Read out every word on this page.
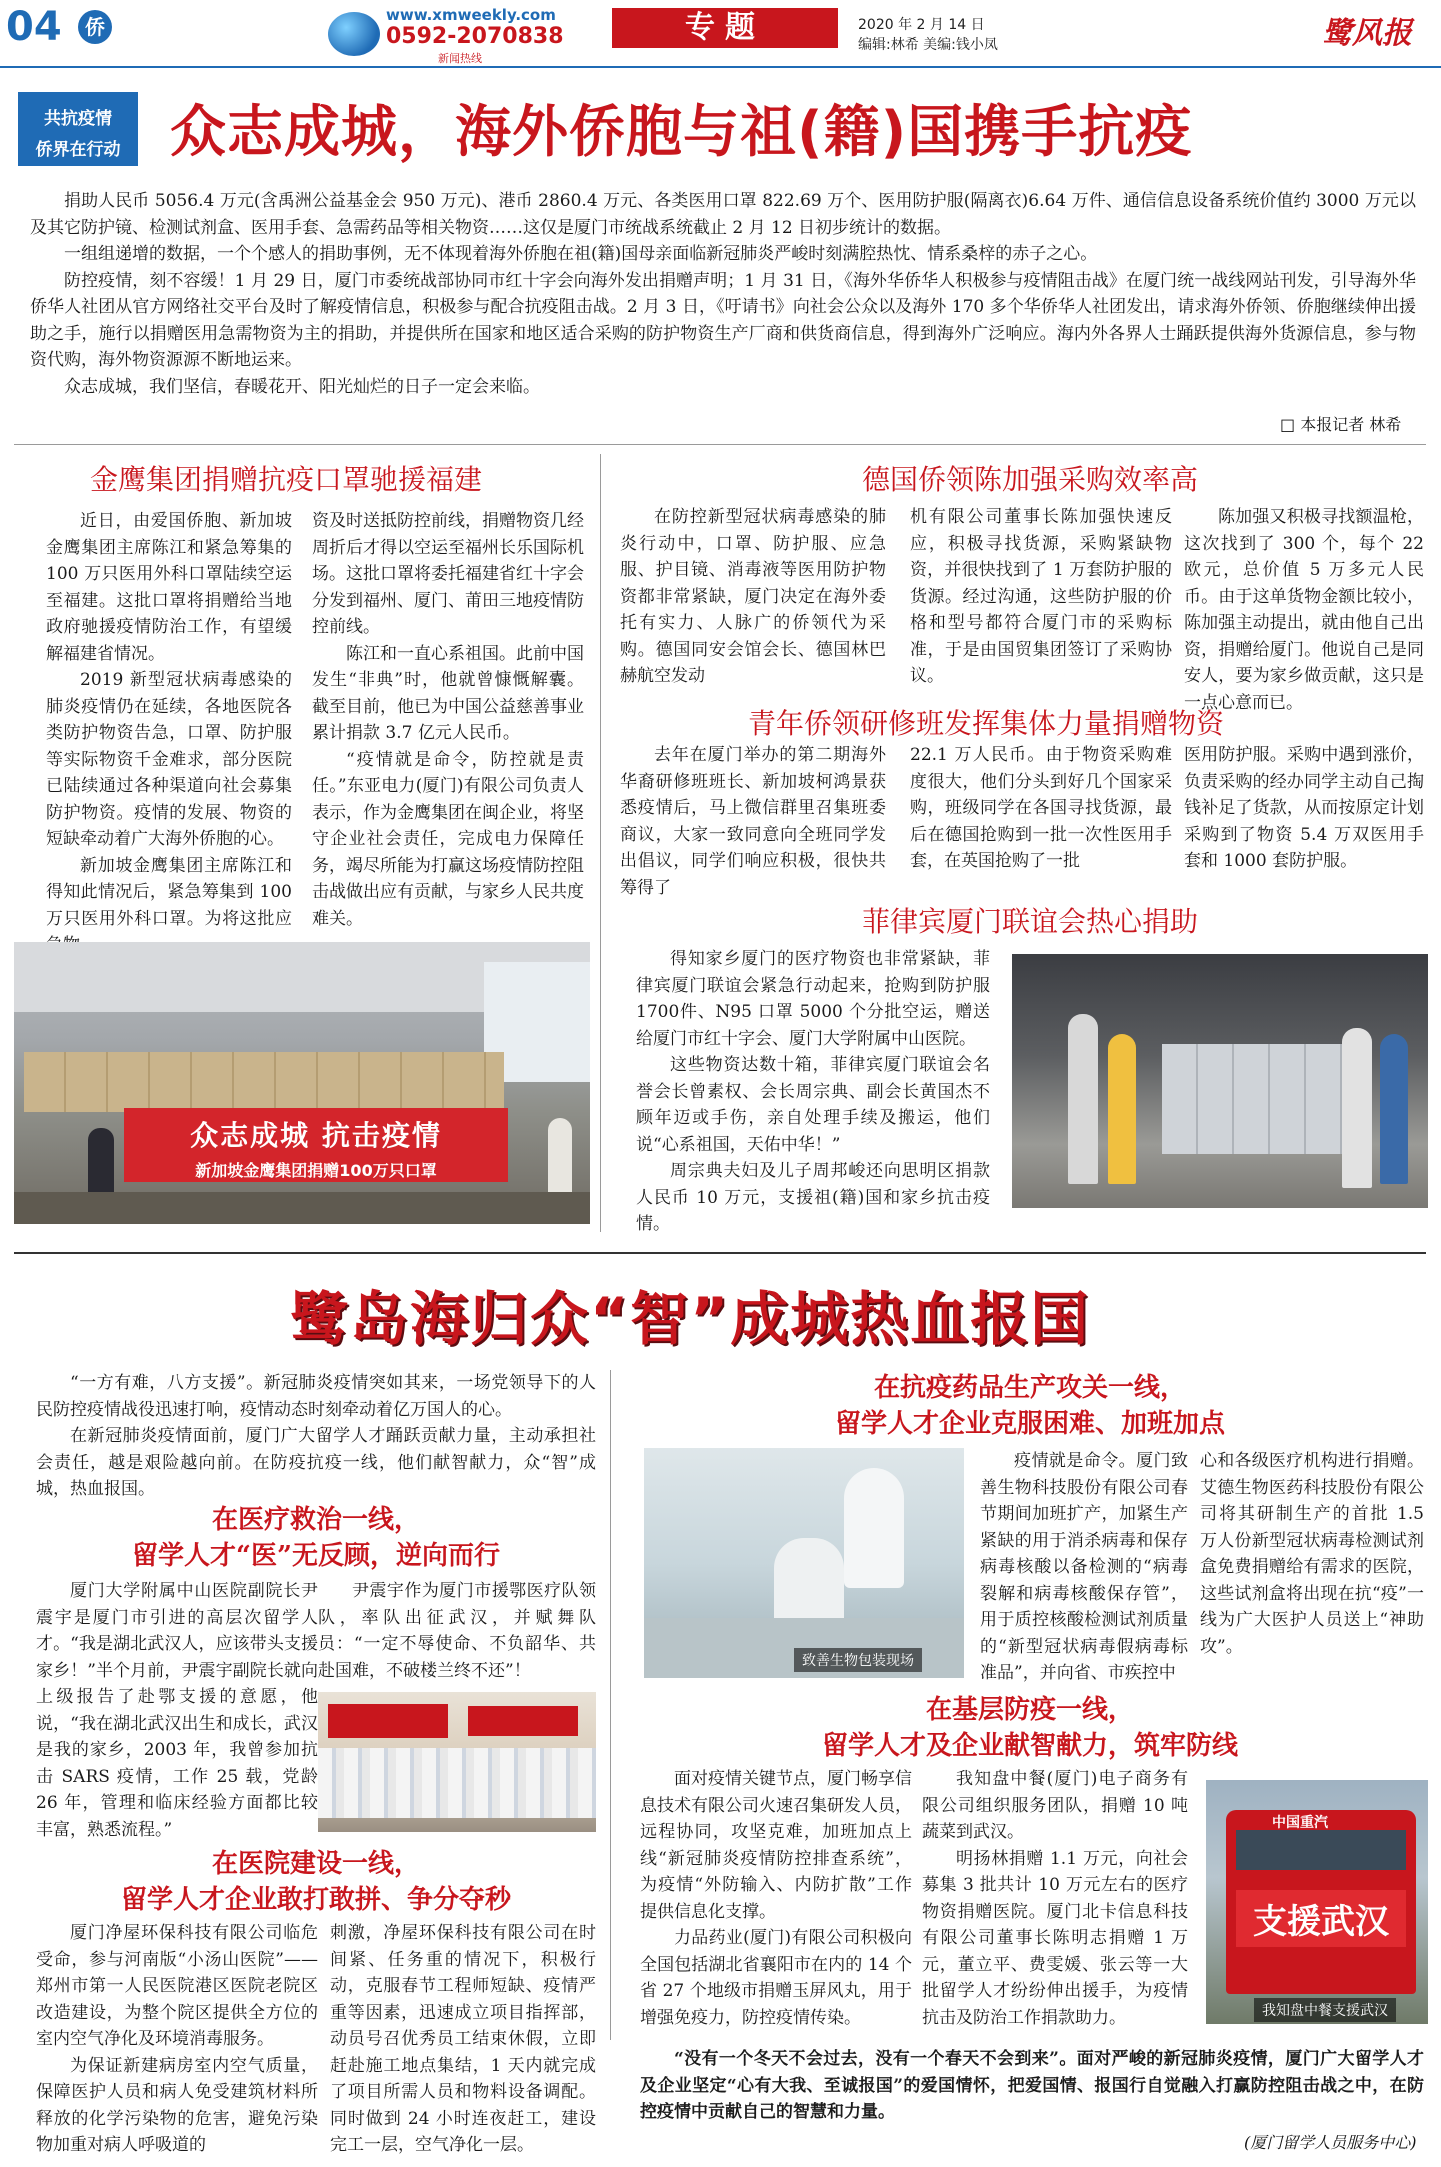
04	侨	www.xmweekly.com
0592-2070838
新闻热线
专题	2020 年 2 月 14 日
编辑:林希 美编:钱小凤	鹭风报
共抗疫情
侨界在行动 众志成城，海外侨胞与祖(籍)国携手抗疫

捐助人民币 5056.4 万元(含禹洲公益基金会 950 万元)、港币 2860.4 万元、各类医用口罩 822.69 万个、医用防护服(隔离衣)6.64 万件、通信信息设备系统价值约 3000 万元以及其它防护镜、检测试剂盒、医用手套、急需药品等相关物资……这仅是厦门市统战系统截止 2 月 12 日初步统计的数据。

一组组递增的数据，一个个感人的捐助事例，无不体现着海外侨胞在祖(籍)国母亲面临新冠肺炎严峻时刻满腔热忱、情系桑梓的赤子之心。

防控疫情，刻不容缓！1 月 29 日，厦门市委统战部协同市红十字会向海外发出捐赠声明；1 月 31 日，《海外华侨华人积极参与疫情阻击战》在厦门统一战线网站刊发，引导海外华侨华人社团从官方网络社交平台及时了解疫情信息，积极参与配合抗疫阻击战。2 月 3 日，《吁请书》向社会公众以及海外 170 多个华侨华人社团发出，请求海外侨领、侨胞继续伸出援助之手，施行以捐赠医用急需物资为主的捐助，并提供所在国家和地区适合采购的防护物资生产厂商和供货商信息，得到海外广泛响应。海内外各界人士踊跃提供海外货源信息，参与物资代购，海外物资源源不断地运来。

众志成城，我们坚信，春暖花开、阳光灿烂的日子一定会来临。

□ 本报记者 林希
金鹰集团捐赠抗疫口罩驰援福建

近日，由爱国侨胞、新加坡金鹰集团主席陈江和紧急筹集的 100 万只医用外科口罩陆续空运至福建。这批口罩将捐赠给当地政府驰援疫情防治工作，有望缓解福建省情况。

2019 新型冠状病毒感染的肺炎疫情仍在延续，各地医院各类防护物资告急，口罩、防护服等实际物资千金难求，部分医院已陆续通过各种渠道向社会募集防护物资。疫情的发展、物资的短缺牵动着广大海外侨胞的心。

新加坡金鹰集团主席陈江和得知此情况后，紧急筹集到 100 万只医用外科口罩。为将这批应

资及时送抵防控前线，捐赠物资几经周折后才得以空运至福州长乐国际机场。这批口罩将委托福建省红十字会分发到福州、厦门、莆田三地疫情防控前线。

陈江和一直心系祖国。此前中国发生“非典”时，他就曾慷慨解囊。截至目前，他已为中国公益慈善事业累计捐款 3.7 亿元人民币。

“疫情就是命令，防控就是责任。”东亚电力(厦门)有限公司负责人表示，作为金鹰集团在闽企业，将坚守企业社会责任，完成电力保障任务，竭尽所能为打赢这场疫情防控阻击战做出应有贡献，与家乡人民共度难关。

众志成城 抗击疫情
新加坡金鹰集团捐赠100万只口罩
德国侨领陈加强采购效率高

在防控新型冠状病毒感染的肺炎行动中，口罩、防护服、应急服、护目镜、消毒液等医用防护物资都非常紧缺，厦门决定在海外委托有实力、人脉广的侨领代为采购。德国同安会馆会长、德国林巴赫航空发动

机有限公司董事长陈加强快速反应，积极寻找货源，采购紧缺物资，并很快找到了 1 万套防护服的货源。经过沟通，这些防护服的价格和型号都符合厦门市的采购标准，于是由国贸集团签订了采购协议。

陈加强又积极寻找额温枪，这次找到了 300 个，每个 22 欧元，总价值 5 万多元人民币。由于这单货物金额比较小，陈加强主动提出，就由他自己出资，捐赠给厦门。他说自己是同安人，要为家乡做贡献，这只是一点心意而已。

青年侨领研修班发挥集体力量捐赠物资

去年在厦门举办的第二期海外华裔研修班班长、新加坡柯鸿景获悉疫情后，马上微信群里召集班委商议，大家一致同意向全班同学发出倡议，同学们响应积极，很快共筹得了

22.1 万人民币。由于物资采购难度很大，他们分头到好几个国家采购，班级同学在各国寻找货源，最后在德国抢购到一批一次性医用手套，在英国抢购了一批

医用防护服。采购中遇到涨价，负责采购的经办同学主动自己掏钱补足了货款，从而按原定计划采购到了物资 5.4 万双医用手套和 1000 套防护服。

菲律宾厦门联谊会热心捐助

得知家乡厦门的医疗物资也非常紧缺，菲律宾厦门联谊会紧急行动起来，抢购到防护服 1700件、N95 口罩 5000 个分批空运，赠送给厦门市红十字会、厦门大学附属中山医院。

这些物资达数十箱，菲律宾厦门联谊会名誉会长曾素权、会长周宗典、副会长黄国杰不顾年迈或手伤，亲自处理手续及搬运，他们说“心系祖国，天佑中华！”

周宗典夫妇及儿子周邦峻还向思明区捐款人民币 10 万元，支援祖(籍)国和家乡抗击疫情。

鹭岛海归众“智”成城热血报国

“一方有难，八方支援”。新冠肺炎疫情突如其来，一场党领导下的人民防控疫情战役迅速打响，疫情动态时刻牵动着亿万国人的心。

在新冠肺炎疫情面前，厦门广大留学人才踊跃贡献力量，主动承担社会责任，越是艰险越向前。在防疫抗疫一线，他们献智献力，众“智”成城，热血报国。

在医疗救治一线，
留学人才“医”无反顾，逆向而行

厦门大学附属中山医院副院长尹震宇是厦门市引进的高层次留学人才。“我是湖北武汉人，应该带头支援家乡！”半个月前，尹震宇副院长就向上级报告了赴鄂支援的意愿，他说，“我在湖北武汉出生和成长，武汉是我的家乡，2003 年，我曾参加抗击 SARS 疫情，工作 25 载，党龄 26 年，管理和临床经验方面都比较丰富，熟悉流程。”

尹震宇作为厦门市援鄂医疗队领队，率队出征武汉，并赋舞队员：“一定不辱使命、不负韶华、共赴国难，不破楼兰终不还”！

在医院建设一线，
留学人才企业敢打敢拼、争分夺秒

厦门净屋环保科技有限公司临危受命，参与河南版“小汤山医院”——郑州市第一人民医院港区医院老院区改造建设，为整个院区提供全方位的室内空气净化及环境消毒服务。

为保证新建病房室内空气质量，保障医护人员和病人免受建筑材料所释放的化学污染物的危害，避免污染物加重对病人呼吸道的

刺激，净屋环保科技有限公司在时间紧、任务重的情况下，积极行动，克服春节工程师短缺、疫情严重等因素，迅速成立项目指挥部，动员号召优秀员工结束休假，立即赶赴施工地点集结，1 天内就完成了项目所需人员和物料设备调配。同时做到 24 小时连夜赶工，建设完工一层，空气净化一层。

在抗疫药品生产攻关一线，
留学人才企业克服困难、加班加点
致善生物包装现场

疫情就是命令。厦门致善生物科技股份有限公司春节期间加班扩产，加紧生产紧缺的用于消杀病毒和保存病毒核酸以备检测的“病毒裂解和病毒核酸保存管”，用于质控核酸检测试剂质量的“新型冠状病毒假病毒标准品”，并向省、市疾控中

心和各级医疗机构进行捐赠。艾德生物医药科技股份有限公司将其研制生产的首批 1.5 万人份新型冠状病毒检测试剂盒免费捐赠给有需求的医院，这些试剂盒将出现在抗“疫”一线为广大医护人员送上“神助攻”。

在基层防疫一线，
留学人才及企业献智献力，筑牢防线

面对疫情关键节点，厦门畅享信息技术有限公司火速召集研发人员，远程协同，攻坚克难，加班加点上线“新冠肺炎疫情防控排查系统”，为疫情“外防输入、内防扩散”工作提供信息化支撑。

力品药业(厦门)有限公司积极向全国包括湖北省襄阳市在内的 14 个省 27 个地级市捐赠玉屏风丸，用于增强免疫力，防控疫情传染。

我知盘中餐(厦门)电子商务有限公司组织服务团队，捐赠 10 吨蔬菜到武汉。

明扬林捐赠 1.1 万元，向社会募集 3 批共计 10 万元左右的医疗物资捐赠医院。厦门北卡信息科技有限公司董事长陈明志捐赠 1 万元，董立平、费雯媛、张云等一大批留学人才纷纷伸出援手，为疫情抗击及防治工作捐款助力。

中国重汽
支援武汉
我知盘中餐支援武汉

“没有一个冬天不会过去，没有一个春天不会到来”。面对严峻的新冠肺炎疫情，厦门广大留学人才及企业坚定“心有大我、至诚报国”的爱国情怀，把爱国情、报国行自觉融入打赢防控阻击战之中，在防控疫情中贡献自己的智慧和力量。

(厦门留学人员服务中心)
